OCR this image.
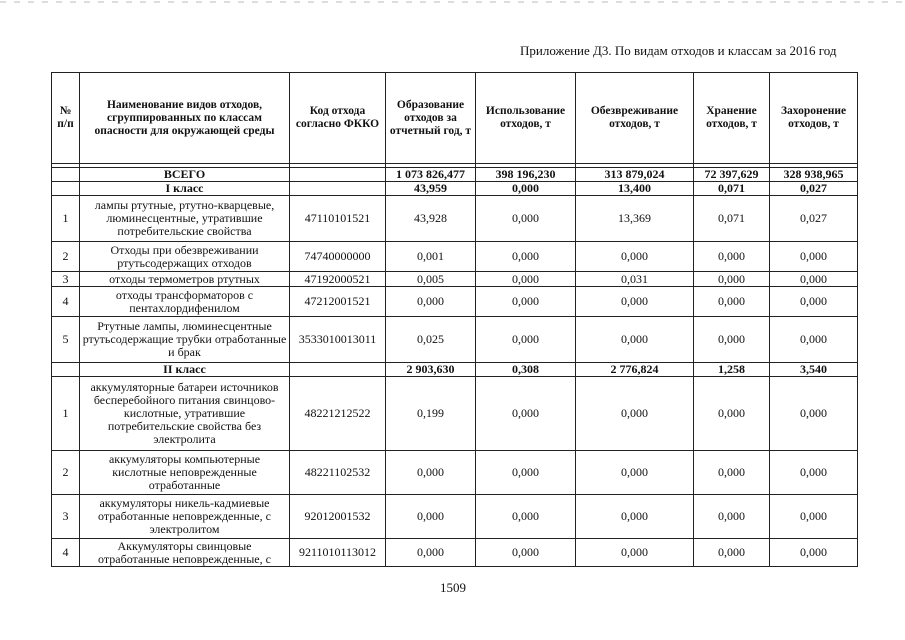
Приложение Д3. По видам отходов и классам за 2016 год
№ п/п	Наименование видов отходов, сгруппированных по классам опасности для окружающей среды	Код отхода согласно ФККО	Образование отходов за отчетный год, т	Использование отходов, т	Обезвреживание отходов, т	Хранение отходов, т	Захоронение отходов, т

	ВСЕГО		1 073 826,477	398 196,230	313 879,024	72 397,629	328 938,965
	I класс		43,959	0,000	13,400	0,071	0,027
1	лампы ртутные, ртутно-кварцевые, люминесцентные, утратившие потребительские свойства	47110101521	43,928	0,000	13,369	0,071	0,027
2	Отходы при обезвреживании ртутьсодержащих отходов	74740000000	0,001	0,000	0,000	0,000	0,000
3	отходы термометров ртутных	47192000521	0,005	0,000	0,031	0,000	0,000
4	отходы трансформаторов с пентахлордифенилом	47212001521	0,000	0,000	0,000	0,000	0,000
5	Ртутные лампы, люминесцентные ртутьсодержащие трубки отработанные и брак	3533010013011	0,025	0,000	0,000	0,000	0,000
	II класс		2 903,630	0,308	2 776,824	1,258	3,540
1	аккумуляторные батареи источников бесперебойного питания свинцово- кислотные, утратившие потребительские свойства без электролита	48221212522	0,199	0,000	0,000	0,000	0,000
2	аккумуляторы компьютерные кислотные неповрежденные отработанные	48221102532	0,000	0,000	0,000	0,000	0,000
3	аккумуляторы никель-кадмиевые отработанные неповрежденные, с электролитом	92012001532	0,000	0,000	0,000	0,000	0,000
4	Аккумуляторы свинцовые отработанные неповрежденные, с	9211010113012	0,000	0,000	0,000	0,000	0,000
1509
